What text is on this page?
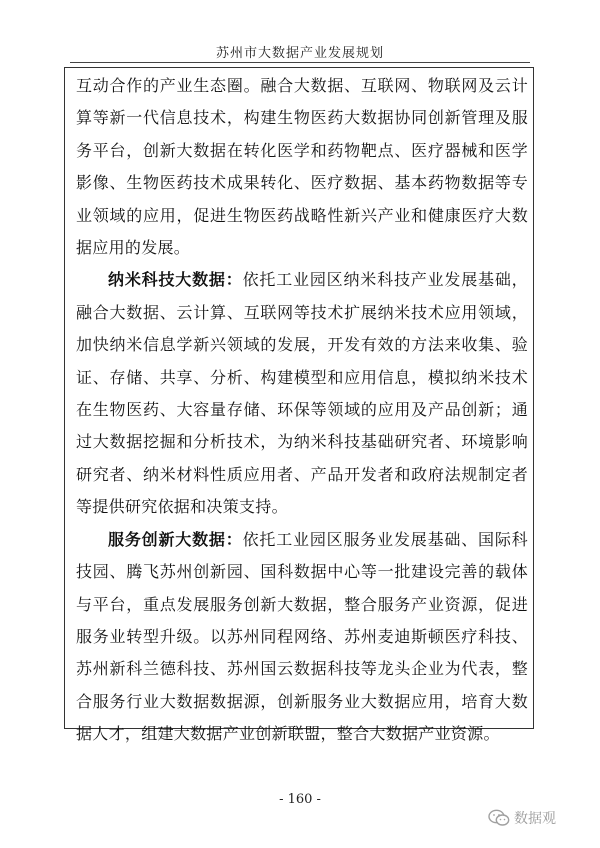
苏州市大数据产业发展规划

互动合作的产业生态圈。融合大数据、互联网、物联网及云计算等新一代信息技术，构建生物医药大数据协同创新管理及服务平台，创新大数据在转化医学和药物靶点、医疗器械和医学影像、生物医药技术成果转化、医疗数据、基本药物数据等专业领域的应用，促进生物医药战略性新兴产业和健康医疗大数据应用的发展。

纳米科技大数据：依托工业园区纳米科技产业发展基础，融合大数据、云计算、互联网等技术扩展纳米技术应用领域，加快纳米信息学新兴领域的发展，开发有效的方法来收集、验证、存储、共享、分析、构建模型和应用信息，模拟纳米技术在生物医药、大容量存储、环保等领域的应用及产品创新；通过大数据挖掘和分析技术，为纳米科技基础研究者、环境影响研究者、纳米材料性质应用者、产品开发者和政府法规制定者等提供研究依据和决策支持。

服务创新大数据：依托工业园区服务业发展基础、国际科技园、腾飞苏州创新园、国科数据中心等一批建设完善的载体与平台，重点发展服务创新大数据，整合服务产业资源，促进服务业转型升级。以苏州同程网络、苏州麦迪斯顿医疗科技、苏州新科兰德科技、苏州国云数据科技等龙头企业为代表，整合服务行业大数据数据源，创新服务业大数据应用，培育大数据人才，组建大数据产业创新联盟，整合大数据产业资源。

- 160 -
数据观
